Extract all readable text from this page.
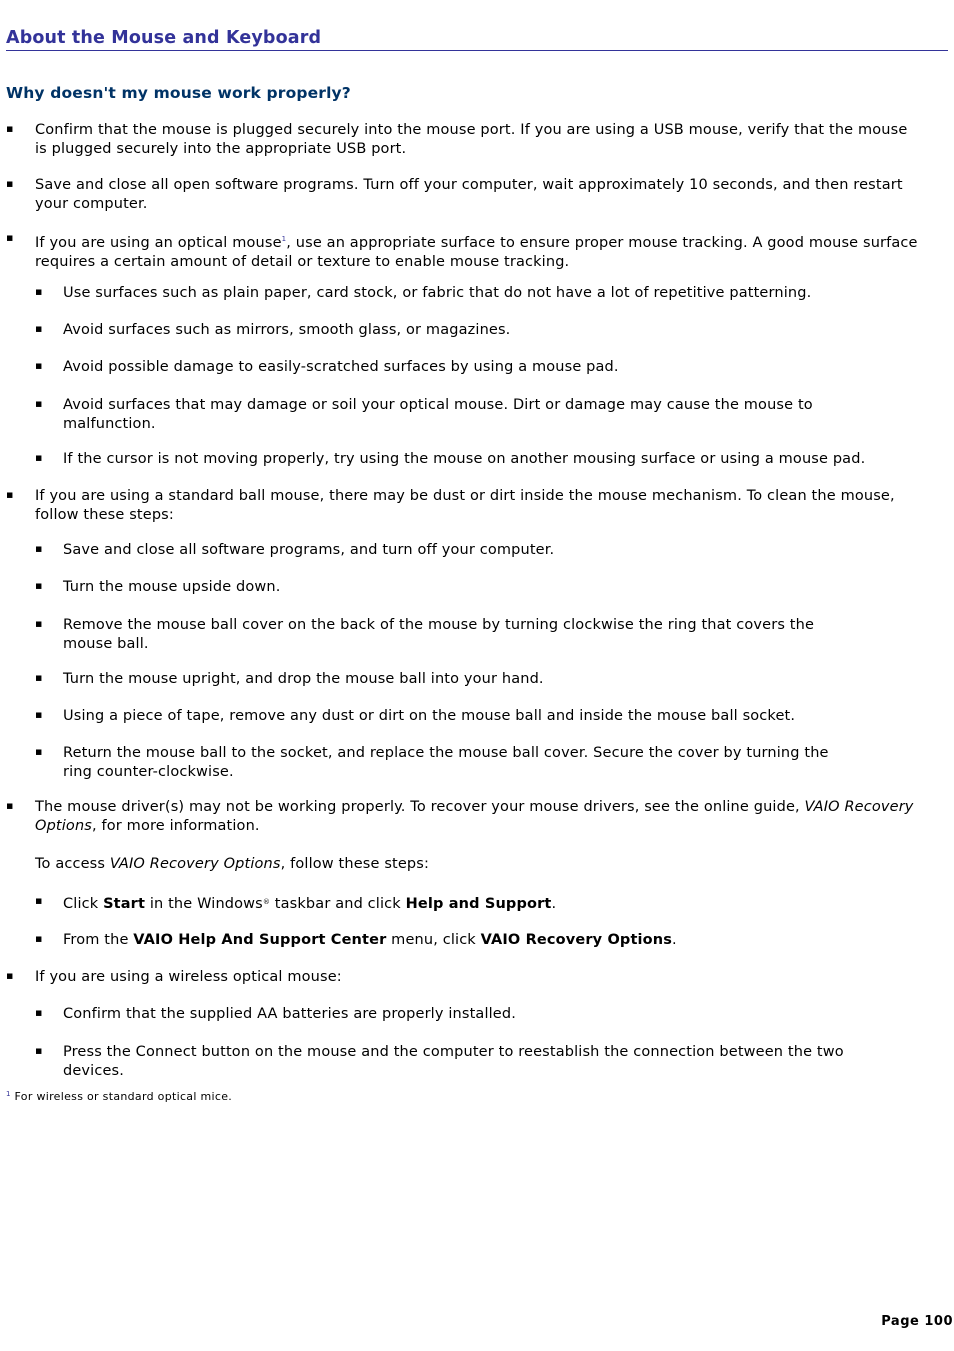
About the Mouse and Keyboard
Why doesn't my mouse work properly?
▪ Confirm that the mouse is plugged securely into the mouse port. If you are using a USB mouse, verify that the mouse is plugged securely into the appropriate USB port.
▪ Save and close all open software programs. Turn off your computer, wait approximately 10 seconds, and then restart your computer.
▪ If you are using an optical mouse$^1$, use an appropriate surface to ensure proper mouse tracking. A good mouse surface requires a certain amount of detail or texture to enable mouse tracking.
▪ Use surfaces such as plain paper, card stock, or fabric that do not have a lot of repetitive patterning.
▪ Avoid surfaces such as mirrors, smooth glass, or magazines.
▪ Avoid possible damage to easily-scratched surfaces by using a mouse pad.
▪ Avoid surfaces that may damage or soil your optical mouse. Dirt or damage may cause the mouse to malfunction.
▪ If the cursor is not moving properly, try using the mouse on another mousing surface or using a mouse pad.
▪ If you are using a standard ball mouse, there may be dust or dirt inside the mouse mechanism. To clean the mouse, follow these steps:
▪ Save and close all software programs, and turn off your computer.
▪ Turn the mouse upside down.
▪ Remove the mouse ball cover on the back of the mouse by turning clockwise the ring that covers the mouse ball.
▪ Turn the mouse upright, and drop the mouse ball into your hand.
▪ Using a piece of tape, remove any dust or dirt on the mouse ball and inside the mouse ball socket.
▪ Return the mouse ball to the socket, and replace the mouse ball cover. Secure the cover by turning the ring counter-clockwise.
▪ The mouse driver(s) may not be working properly. To recover your mouse drivers, see the online guide, VAIO Recovery Options, for more information.
To access VAIO Recovery Options, follow these steps:
▪ Click Start in the Windows® taskbar and click Help and Support.
▪ From the VAIO Help And Support Center menu, click VAIO Recovery Options.
▪ If you are using a wireless optical mouse:
▪ Confirm that the supplied AA batteries are properly installed.
▪ Press the Connect button on the mouse and the computer to reestablish the connection between the two devices.
$^1$ For wireless or standard optical mice.
Page 100
